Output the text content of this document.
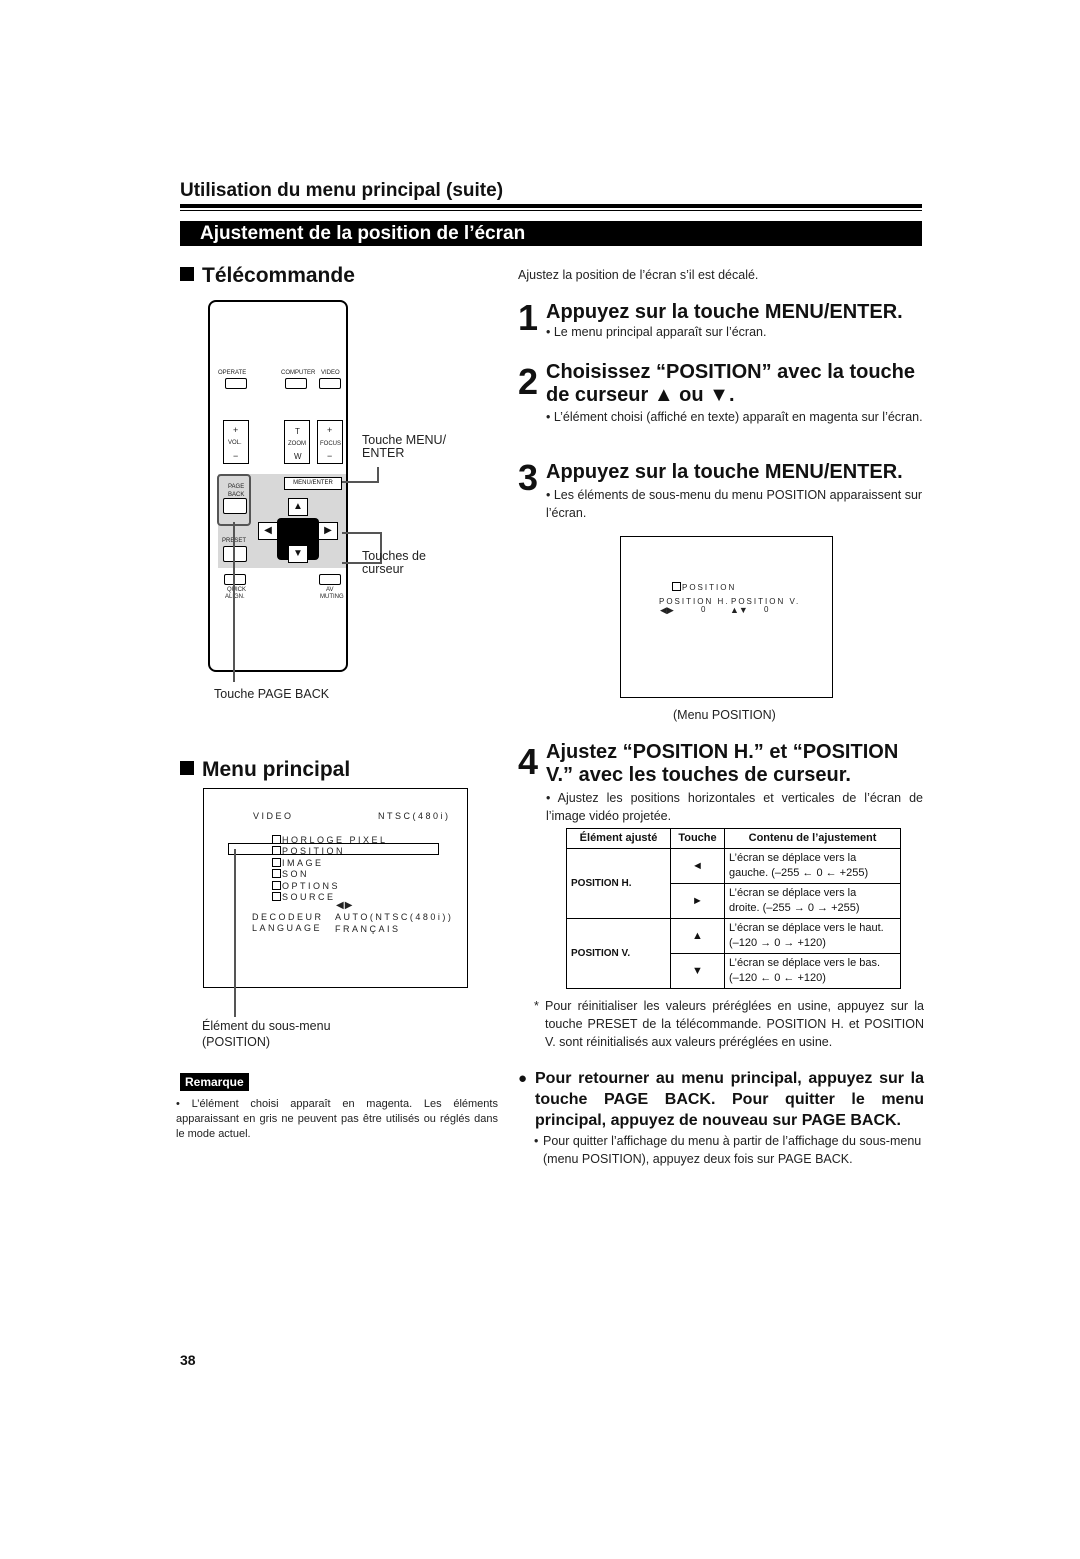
Utilisation du menu principal (suite)
Ajustement de la position de l’écran
Télécommande
OPERATE	COMPUTER VIDEO
+
VOL.
−
T
ZOOM
W
+
FOCUS
−
MENU/ENTER
PAGE
BACK
▲
▼
◀	▶
PRESET
QUICK
ALIGN.
AV
MUTING
Touche MENU/
ENTER
Touches de
curseur
Touche PAGE BACK
Menu principal
VIDEO	NTSC(480i)
HORLOGE PIXEL
POSITION
IMAGE
SON
OPTIONS
SOURCE
◀▶
DECODEUR AUTO(NTSC(480i))
LANGUAGE FRANÇAIS
Élément du sous-menu
(POSITION)
Remarque
• L’élément choisi apparaît en magenta. Les éléments apparaissant en gris ne peuvent pas être utilisés ou réglés dans le mode actuel.
Ajustez la position de l’écran s’il est décalé.
1 Appuyez sur la touche MENU/ENTER.
• Le menu principal apparaît sur l’écran.
2 Choisissez “POSITION” avec la touche
de curseur ▲ ou ▼.
• L’élément choisi (affiché en texte) apparaît en magenta sur l’écran.
3 Appuyez sur la touche MENU/ENTER.
• Les éléments de sous-menu du menu POSITION apparaissent sur l’écran.
POSITION
POSITION H. POSITION V.
◀▶	0 ▲▼ 0
(Menu POSITION)
4 Ajustez “POSITION H.” et “POSITION
V.” avec les touches de curseur.
• Ajustez les positions horizontales et verticales de l’écran de l’image vidéo projetée.
Élément ajusté	Touche	Contenu de l’ajustement
POSITION H.	◄	L’écran se déplace vers la
gauche. (–255 ← 0 ← +255)

	►	L’écran se déplace vers la
droite. (–255 → 0 → +255)

POSITION V.	▲	L’écran se déplace vers le haut.
(–120 → 0 → +120)

	▼	L’écran se déplace vers le bas.
(–120 ← 0 ← +120)
* Pour réinitialiser les valeurs préréglées en usine, appuyez sur la touche PRESET de la télécommande. POSITION H. et POSITION V. sont réinitialisés aux valeurs préréglées en usine.
● Pour retourner au menu principal, appuyez sur la touche PAGE BACK. Pour quitter le menu principal, appuyez de nouveau sur PAGE BACK.
• Pour quitter l’affichage du menu à partir de l’affichage du sous-menu (menu POSITION), appuyez deux fois sur PAGE BACK.
38
